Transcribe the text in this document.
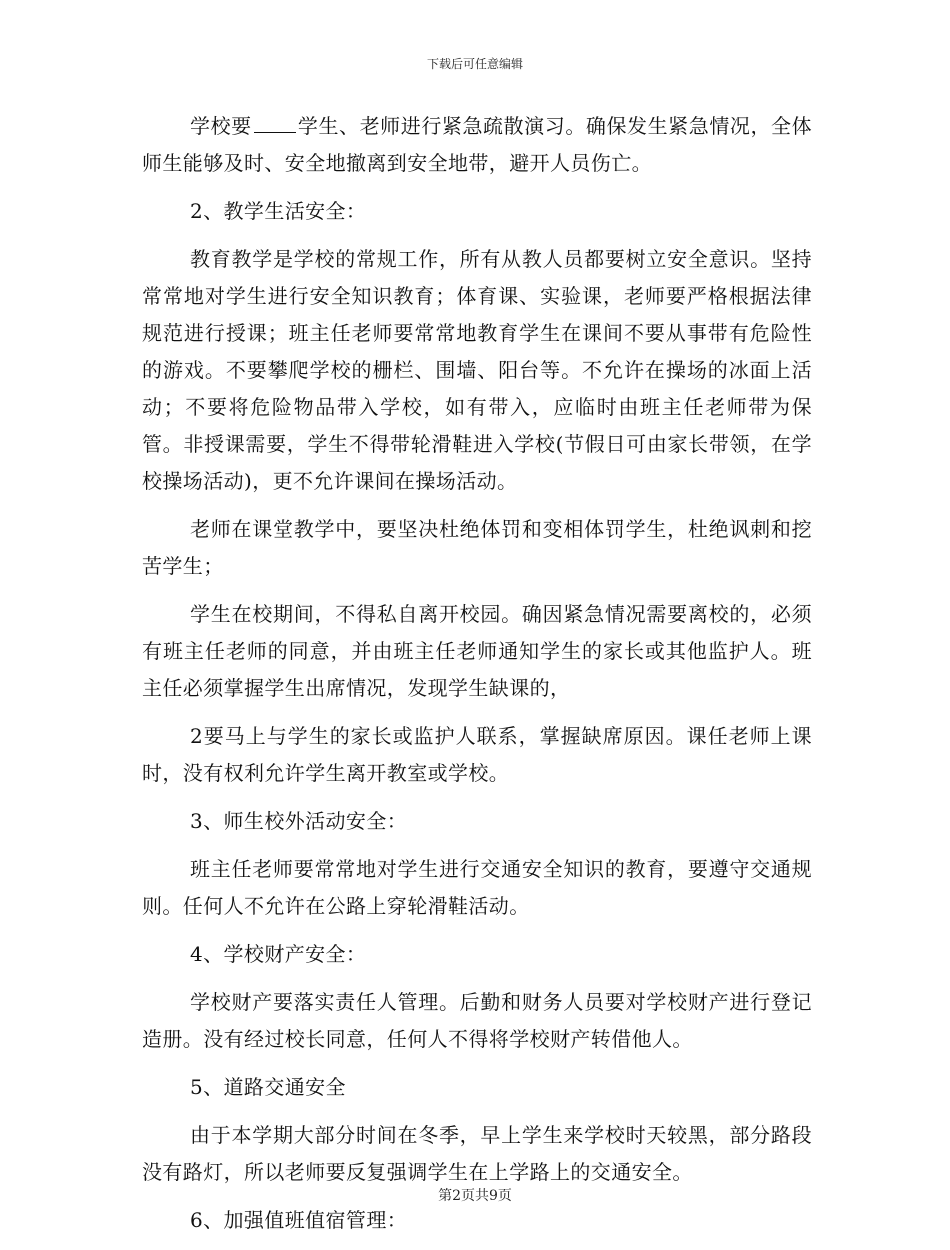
下载后可任意编辑

学校要 学生、老师进行紧急疏散演习。确保发生紧急情况，全体师生能够及时、安全地撤离到安全地带，避开人员伤亡。

2、教学生活安全：

教育教学是学校的常规工作，所有从教人员都要树立安全意识。坚持常常地对学生进行安全知识教育；体育课、实验课，老师要严格根据法律规范进行授课；班主任老师要常常地教育学生在课间不要从事带有危险性的游戏。不要攀爬学校的栅栏、围墙、阳台等。不允许在操场的冰面上活动；不要将危险物品带入学校，如有带入，应临时由班主任老师带为保管。非授课需要，学生不得带轮滑鞋进入学校(节假日可由家长带领，在学校操场活动)，更不允许课间在操场活动。

老师在课堂教学中，要坚决杜绝体罚和变相体罚学生，杜绝讽刺和挖苦学生；

学生在校期间，不得私自离开校园。确因紧急情况需要离校的，必须有班主任老师的同意，并由班主任老师通知学生的家长或其他监护人。班主任必须掌握学生出席情况，发现学生缺课的，

2要马上与学生的家长或监护人联系，掌握缺席原因。课任老师上课时，没有权利允许学生离开教室或学校。

3、师生校外活动安全：

班主任老师要常常地对学生进行交通安全知识的教育，要遵守交通规则。任何人不允许在公路上穿轮滑鞋活动。

4、学校财产安全：

学校财产要落实责任人管理。后勤和财务人员要对学校财产进行登记造册。没有经过校长同意，任何人不得将学校财产转借他人。

5、道路交通安全

由于本学期大部分时间在冬季，早上学生来学校时天较黑，部分路段没有路灯，所以老师要反复强调学生在上学路上的交通安全。

6、加强值班值宿管理：

第2页共9页
